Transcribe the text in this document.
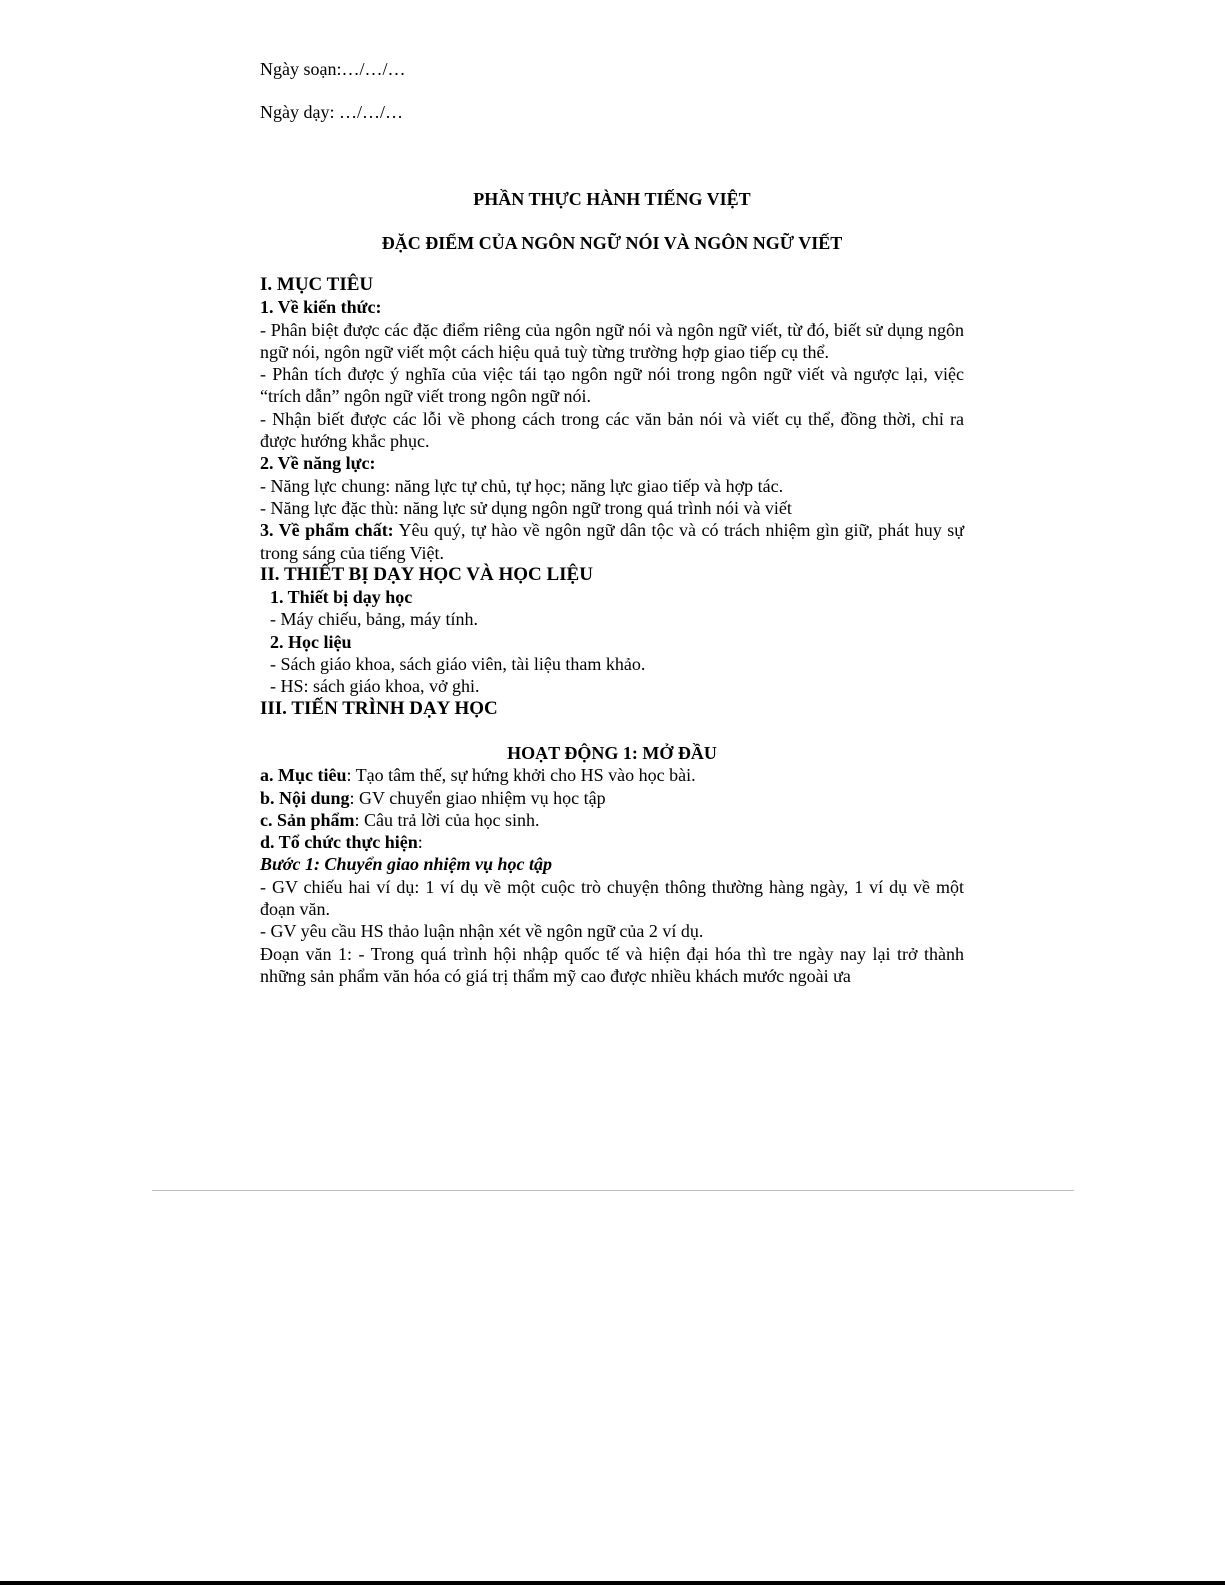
Ngày soạn:…/…/…
Ngày dạy: …/…/…
PHẦN THỰC HÀNH TIẾNG VIỆT
ĐẶC ĐIỂM CỦA NGÔN NGỮ NÓI VÀ NGÔN NGỮ VIẾT

I. MỤC TIÊU

1. Về kiến thức:

- Phân biệt được các đặc điểm riêng của ngôn ngữ nói và ngôn ngữ viết, từ đó, biết sử dụng ngôn ngữ nói, ngôn ngữ viết một cách hiệu quả tuỳ từng trường hợp giao tiếp cụ thể.

- Phân tích được ý nghĩa của việc tái tạo ngôn ngữ nói trong ngôn ngữ viết và ngược lại, việc “trích dẫn” ngôn ngữ viết trong ngôn ngữ nói.

- Nhận biết được các lỗi về phong cách trong các văn bản nói và viết cụ thể, đồng thời, chỉ ra được hướng khắc phục.

2. Về năng lực:

- Năng lực chung: năng lực tự chủ, tự học; năng lực giao tiếp và hợp tác.

- Năng lực đặc thù: năng lực sử dụng ngôn ngữ trong quá trình nói và viết

3. Về phẩm chất: Yêu quý, tự hào về ngôn ngữ dân tộc và có trách nhiệm gìn giữ, phát huy sự trong sáng của tiếng Việt.

II. THIẾT BỊ DẠY HỌC VÀ HỌC LIỆU

1. Thiết bị dạy học

- Máy chiếu, bảng, máy tính.

2. Học liệu

- Sách giáo khoa, sách giáo viên, tài liệu tham khảo.

- HS: sách giáo khoa, vở ghi.

III. TIẾN TRÌNH DẠY HỌC

HOẠT ĐỘNG 1: MỞ ĐẦU

a. Mục tiêu: Tạo tâm thế, sự hứng khởi cho HS vào học bài.

b. Nội dung: GV chuyển giao nhiệm vụ học tập

c. Sản phẩm: Câu trả lời của học sinh.

d. Tổ chức thực hiện:

Bước 1: Chuyển giao nhiệm vụ học tập

- GV chiếu hai ví dụ: 1 ví dụ về một cuộc trò chuyện thông thường hàng ngày, 1 ví dụ về một đoạn văn.

- GV yêu cầu HS thảo luận nhận xét về ngôn ngữ của 2 ví dụ.

Đoạn văn 1: - Trong quá trình hội nhập quốc tế và hiện đại hóa thì tre ngày nay lại trở thành những sản phẩm văn hóa có giá trị thẩm mỹ cao được nhiều khách mước ngoài ưa
